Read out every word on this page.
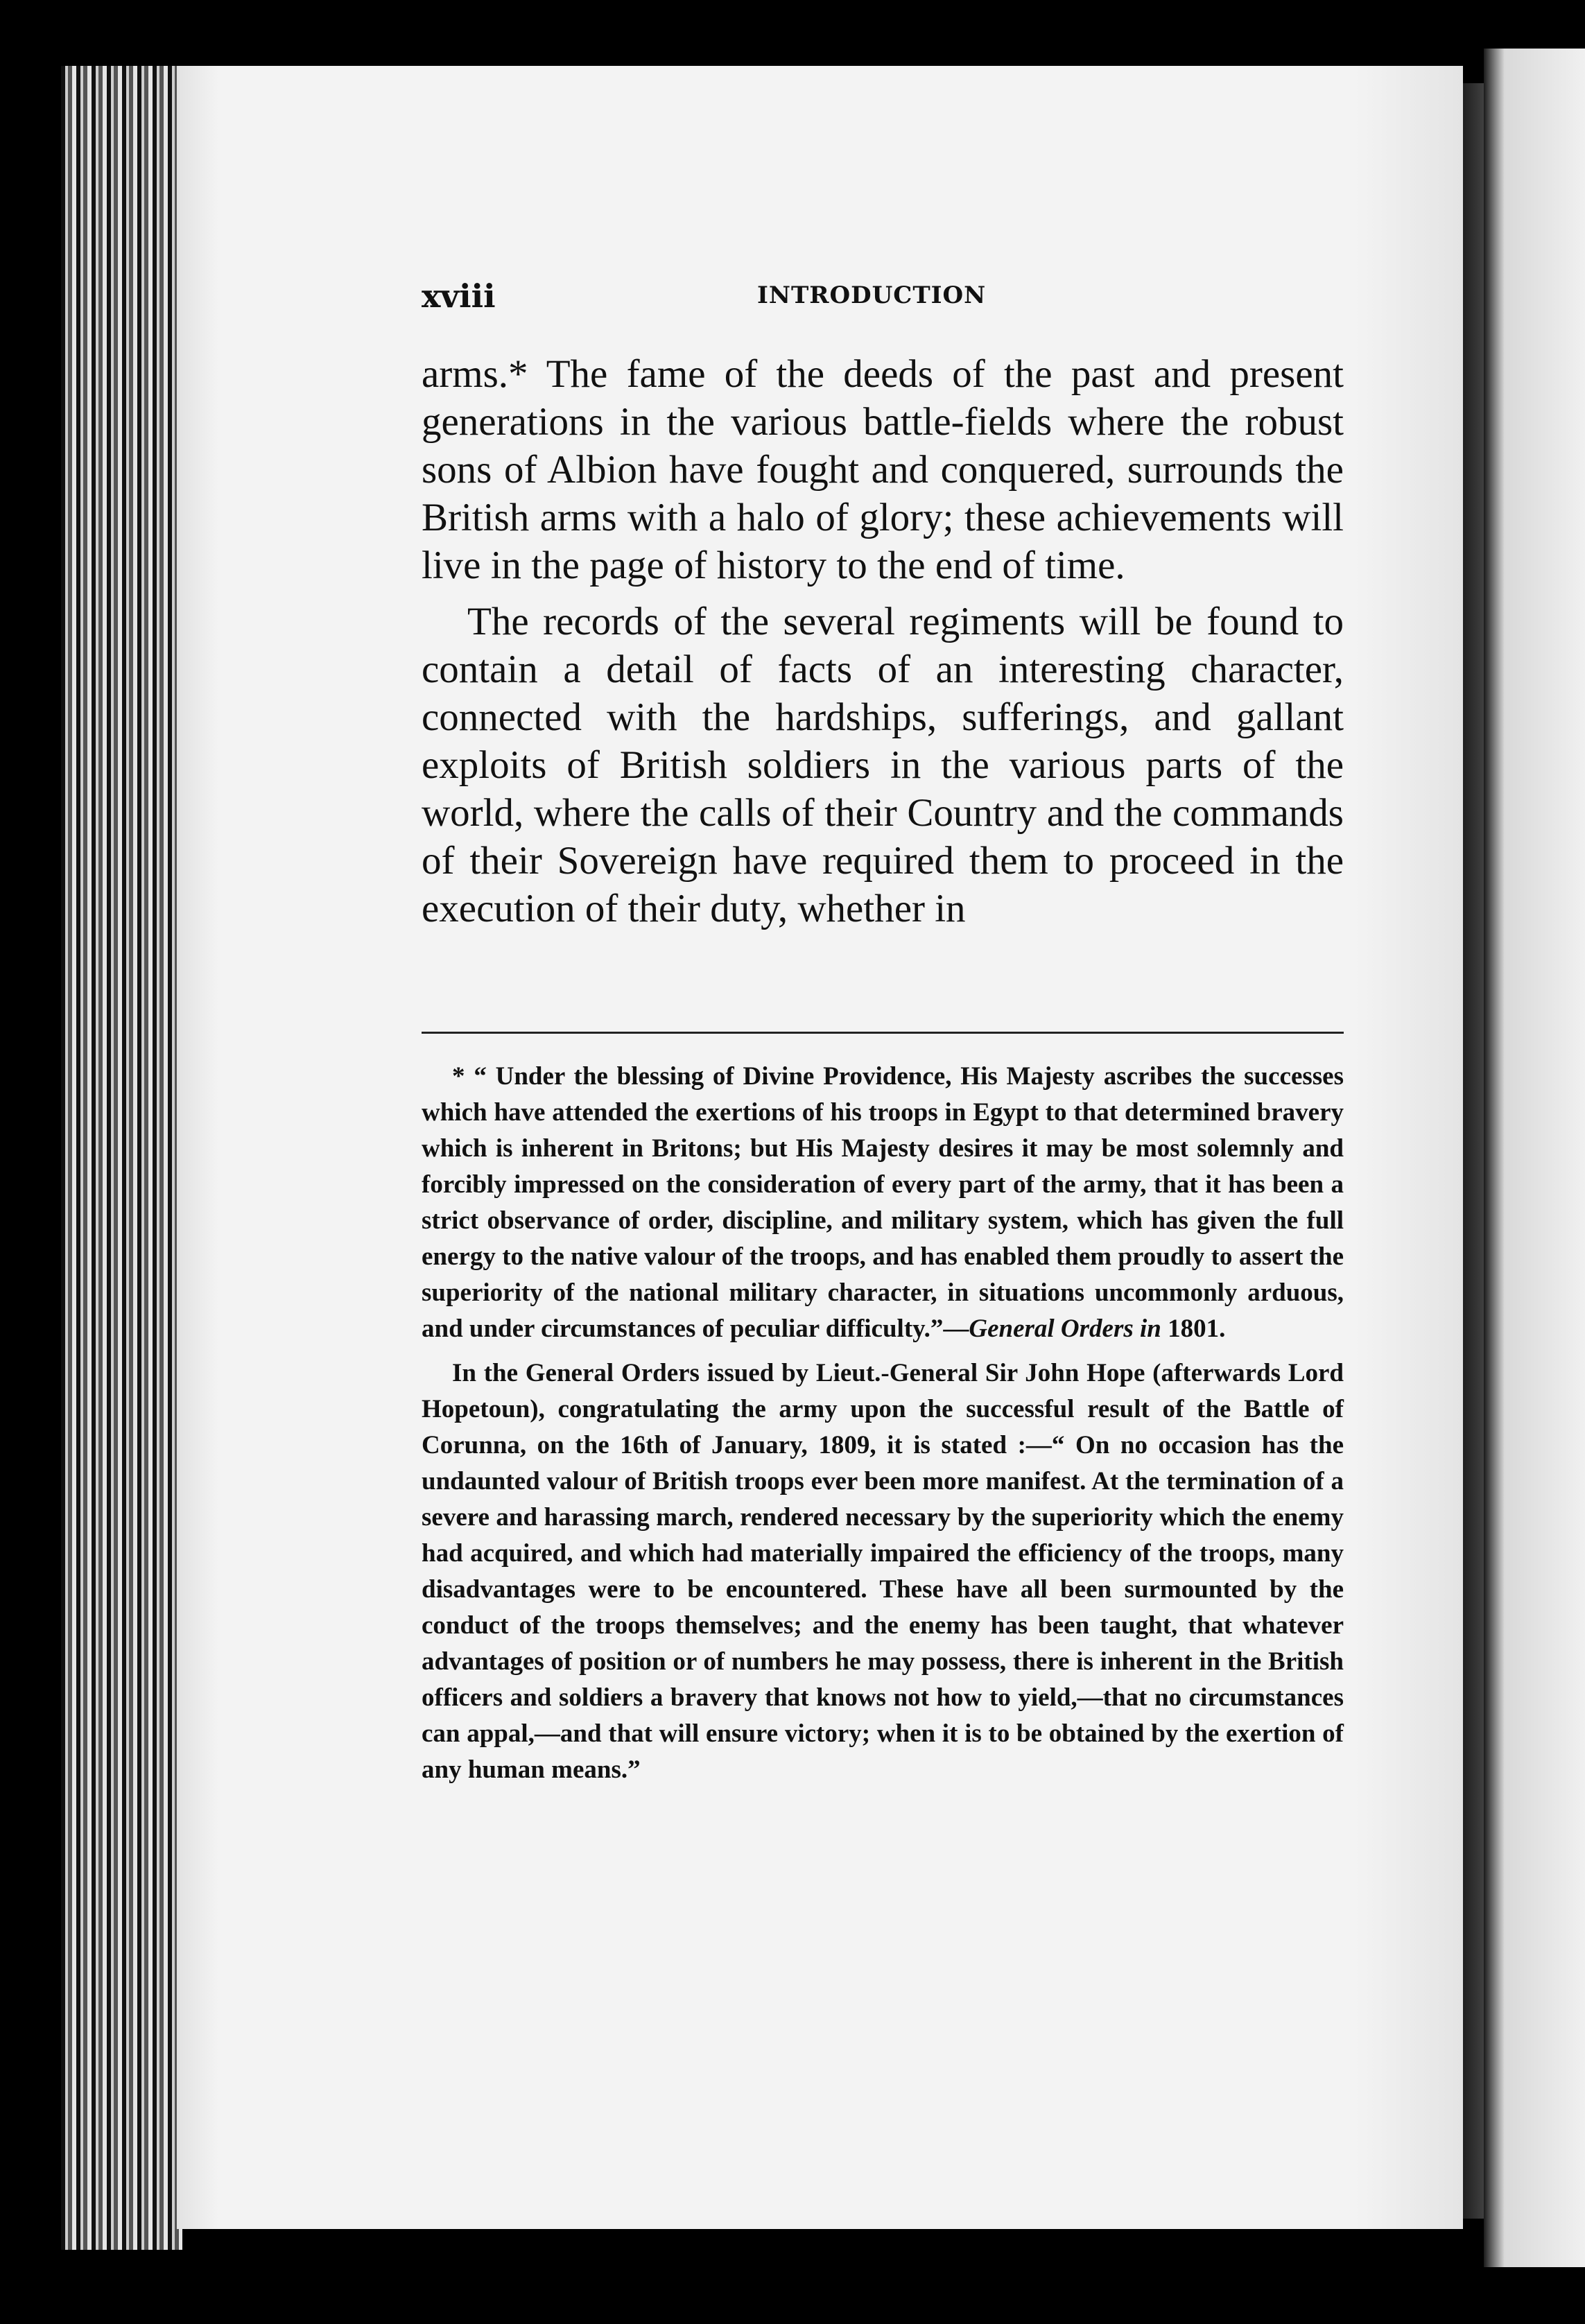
xviii	INTRODUCTION

arms.* The fame of the deeds of the past and present generations in the various battle-fields where the robust sons of Albion have fought and conquered, surrounds the British arms with a halo of glory; these achievements will live in the page of history to the end of time.

The records of the several regiments will be found to contain a detail of facts of an interesting character, connected with the hardships, sufferings, and gallant exploits of British soldiers in the various parts of the world, where the calls of their Country and the commands of their Sovereign have required them to proceed in the execution of their duty, whether in

* “ Under the blessing of Divine Providence, His Majesty ascribes the successes which have attended the exertions of his troops in Egypt to that determined bravery which is inherent in Britons; but His Majesty desires it may be most solemnly and forcibly impressed on the consideration of every part of the army, that it has been a strict observance of order, discipline, and military system, which has given the full energy to the native valour of the troops, and has enabled them proudly to assert the superiority of the national military character, in situations uncommonly arduous, and under circumstances of peculiar difficulty.”—General Orders in 1801.

In the General Orders issued by Lieut.-General Sir John Hope (afterwards Lord Hopetoun), congratulating the army upon the successful result of the Battle of Corunna, on the 16th of January, 1809, it is stated :—“ On no occasion has the undaunted valour of British troops ever been more manifest. At the termination of a severe and harassing march, rendered necessary by the superiority which the enemy had acquired, and which had materially impaired the efficiency of the troops, many disadvantages were to be encountered. These have all been surmounted by the conduct of the troops themselves; and the enemy has been taught, that whatever advantages of position or of numbers he may possess, there is inherent in the British officers and soldiers a bravery that knows not how to yield,—that no circumstances can appal,—and that will ensure victory; when it is to be obtained by the exertion of any human means.”
